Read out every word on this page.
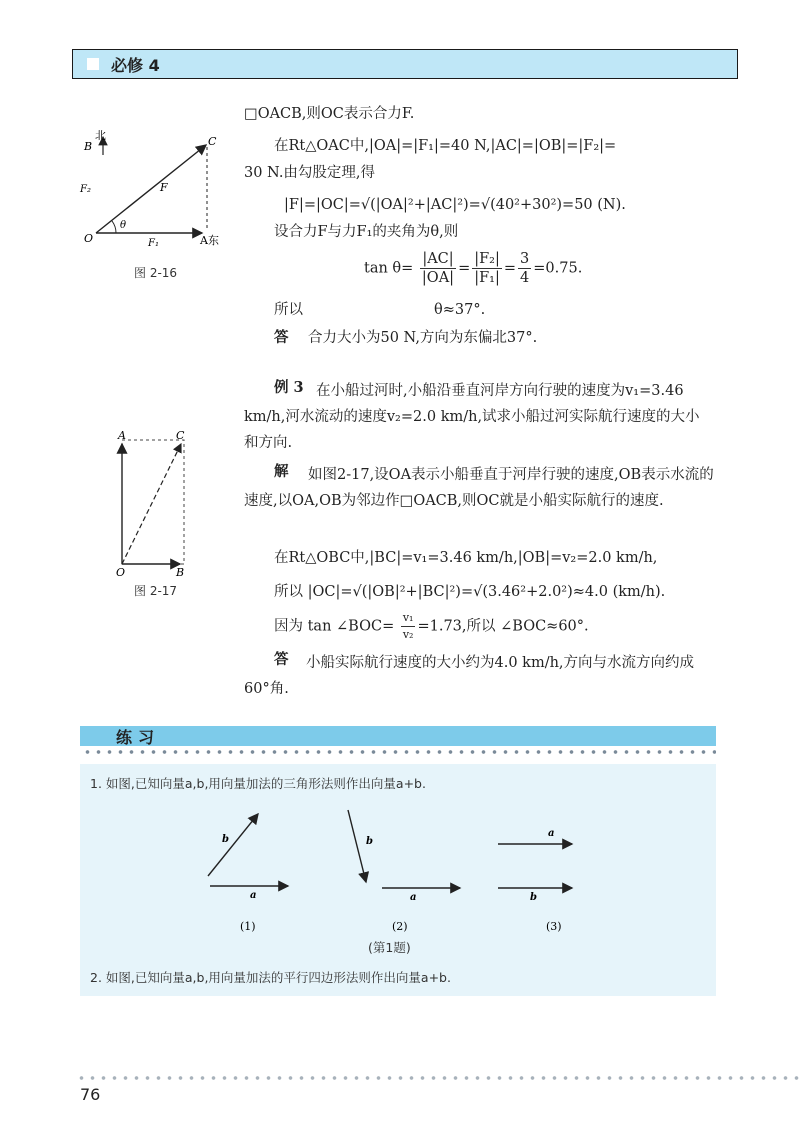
必修 4
B
北	C
F₂	F
θ
O	F₁	A东
图 2-16
□OACB,则OC表示合力F.
在Rt△OAC中,|OA|=|F₁|=40 N,|AC|=|OB|=|F₂|=
30 N.由勾股定理,得
|F|=|OC|=√(|OA|²+|AC|²)=√(40²+30²)=50 (N).
设合力F与力F₁的夹角为θ,则
$\tan \theta= \frac{|AC|}{|OA|} = \frac{\text{|F₂|}}{\text{|F₁|}} = \frac{3}{4} =0.75$.
所以	θ≈37°.
答 合力大小为50 N,方向为东偏北37°.
例 3 在小船过河时,小船沿垂直河岸方向行驶的速度为v₁=3.46 km/h,河水流动的速度v₂=2.0 km/h,试求小船过河实际航行速度的大小和方向.
A	C
O	B
图 2-17
解	如图2-17,设OA表示小船垂直于河岸行驶的速度,OB表示水流的速度,以OA,OB为邻边作□OACB,则OC就是小船实际航行的速度.
在Rt△OBC中,|BC|=v₁=3.46 km/h,|OB|=v₂=2.0 km/h,
所以 |OC|=√(|OB|²+|BC|²)=√(3.46²+2.0²)≈4.0 (km/h).
因为 tan ∠BOC= $\frac{\text{v₁}}{\text{v₂}} =1.73$,所以 ∠BOC≈60°.
答	小船实际航行速度的大小约为4.0 km/h,方向与水流方向约成60°角.
练习
1. 如图,已知向量a,b,用向量加法的三角形法则作出向量a+b.
b
a
b
a
a
b
(1)	(2)	(3)
(第1题)
2. 如图,已知向量a,b,用向量加法的平行四边形法则作出向量a+b.
76
